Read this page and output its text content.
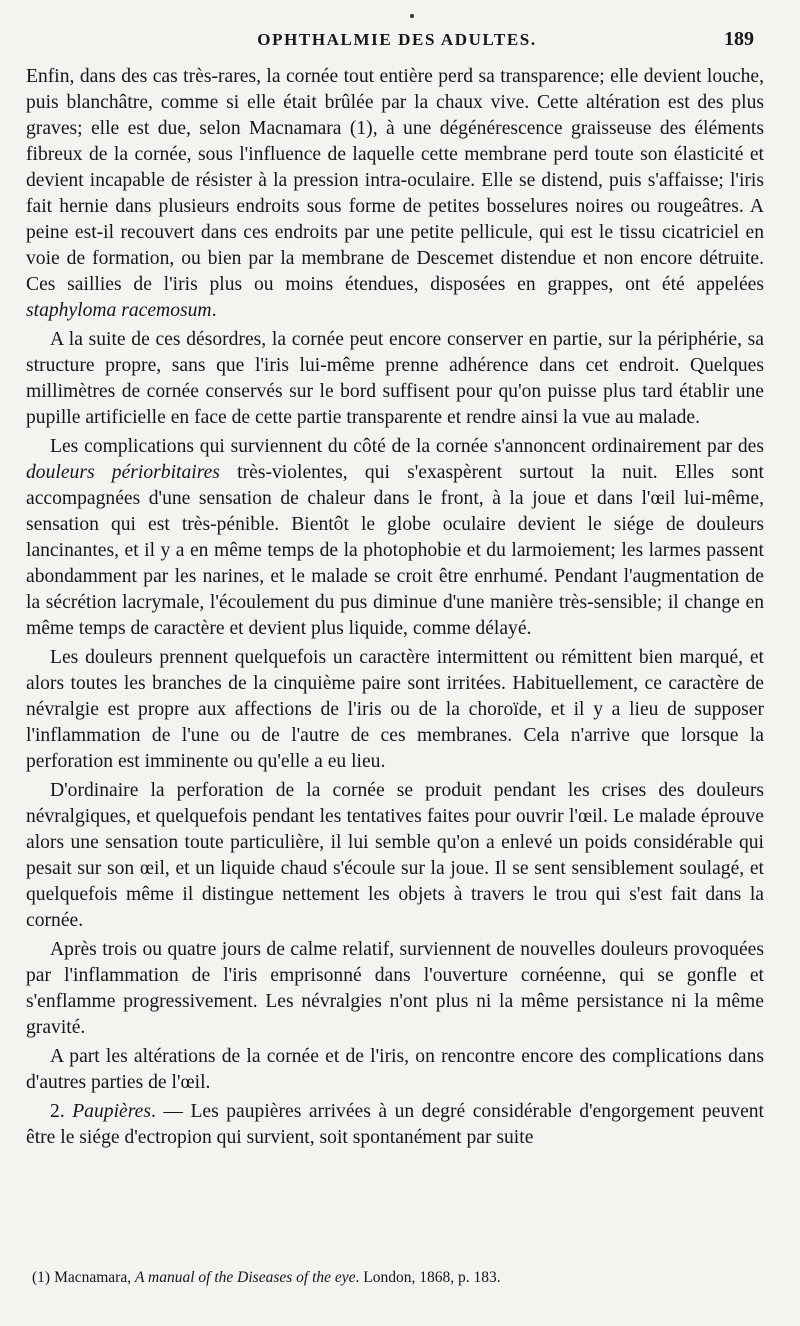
OPHTHALMIE DES ADULTES.	189

Enfin, dans des cas très-rares, la cornée tout entière perd sa transparence; elle devient louche, puis blanchâtre, comme si elle était brûlée par la chaux vive. Cette altération est des plus graves; elle est due, selon Macnamara (1), à une dégénérescence graisseuse des éléments fibreux de la cornée, sous l'influence de laquelle cette membrane perd toute son élasticité et devient incapable de résister à la pression intra-oculaire. Elle se distend, puis s'affaisse; l'iris fait hernie dans plusieurs endroits sous forme de petites bosselures noires ou rougeâtres. A peine est-il recouvert dans ces endroits par une petite pellicule, qui est le tissu cicatriciel en voie de formation, ou bien par la membrane de Descemet distendue et non encore détruite. Ces saillies de l'iris plus ou moins étendues, disposées en grappes, ont été appelées staphyloma racemosum.

A la suite de ces désordres, la cornée peut encore conserver en partie, sur la périphérie, sa structure propre, sans que l'iris lui-même prenne adhérence dans cet endroit. Quelques millimètres de cornée conservés sur le bord suffisent pour qu'on puisse plus tard établir une pupille artificielle en face de cette partie transparente et rendre ainsi la vue au malade.

Les complications qui surviennent du côté de la cornée s'annoncent ordinairement par des douleurs périorbitaires très-violentes, qui s'exaspèrent surtout la nuit. Elles sont accompagnées d'une sensation de chaleur dans le front, à la joue et dans l'œil lui-même, sensation qui est très-pénible. Bientôt le globe oculaire devient le siége de douleurs lancinantes, et il y a en même temps de la photophobie et du larmoiement; les larmes passent abondamment par les narines, et le malade se croit être enrhumé. Pendant l'augmentation de la sécrétion lacrymale, l'écoulement du pus diminue d'une manière très-sensible; il change en même temps de caractère et devient plus liquide, comme délayé.

Les douleurs prennent quelquefois un caractère intermittent ou rémittent bien marqué, et alors toutes les branches de la cinquième paire sont irritées. Habituellement, ce caractère de névralgie est propre aux affections de l'iris ou de la choroïde, et il y a lieu de supposer l'inflammation de l'une ou de l'autre de ces membranes. Cela n'arrive que lorsque la perforation est imminente ou qu'elle a eu lieu.

D'ordinaire la perforation de la cornée se produit pendant les crises des douleurs névralgiques, et quelquefois pendant les tentatives faites pour ouvrir l'œil. Le malade éprouve alors une sensation toute particulière, il lui semble qu'on a enlevé un poids considérable qui pesait sur son œil, et un liquide chaud s'écoule sur la joue. Il se sent sensiblement soulagé, et quelquefois même il distingue nettement les objets à travers le trou qui s'est fait dans la cornée.

Après trois ou quatre jours de calme relatif, surviennent de nouvelles douleurs provoquées par l'inflammation de l'iris emprisonné dans l'ouverture cornéenne, qui se gonfle et s'enflamme progressivement. Les névralgies n'ont plus ni la même persistance ni la même gravité.

A part les altérations de la cornée et de l'iris, on rencontre encore des complications dans d'autres parties de l'œil.

2. Paupières. — Les paupières arrivées à un degré considérable d'engorgement peuvent être le siége d'ectropion qui survient, soit spontanément par suite

(1) Macnamara, A manual of the Diseases of the eye. London, 1868, p. 183.
